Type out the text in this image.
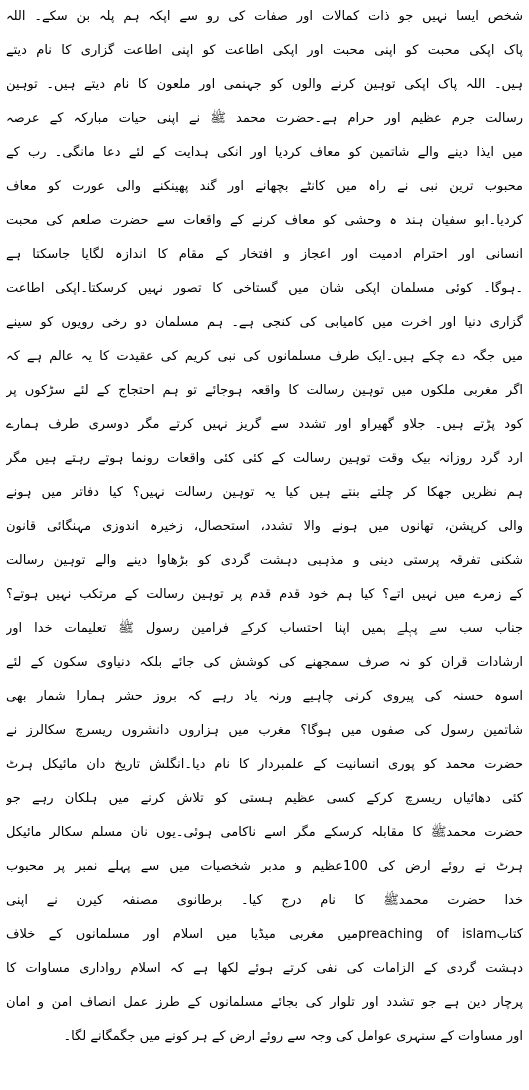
شخص ایسا نہیں جو ذات کمالات اور صفات کی رو سے اپکہ ہم پلہ بن سکے۔ اللہ
پاک اپکی محبت کو اپنی محبت اور اپکی اطاعت کو اپنی اطاعت گزاری کا نام دیتے
ہیں۔ اللہ پاک اپکی توہین کرنے والوں کو جہنمی اور ملعون کا نام دیتے ہیں۔ توہین
رسالت جرم عظیم اور حرام ہے۔حضرت محمد ﷺ نے اپنی حیات مبارکہ کے عرصہ
میں ایذا دینے والے شاتمین کو معاف کردیا اور انکی ہدایت کے لئے دعا مانگی۔ رب کے
محبوب ترین نبی نے راہ میں کانٹے بچھانے اور گند پھینکنے والی عورت کو معاف
کردیا۔ابو سفیان ہند ہ وحشی کو معاف کرنے کے واقعات سے حضرت صلعم کی محبت
انسانی اور احترام ادمیت اور اعجاز و افتخار کے مقام کا اندازہ لگایا جاسکتا ہے
۔ہوگا۔ کوئی مسلمان اپکی شان میں گستاخی کا تصور نہیں کرسکتا۔اپکی اطاعت
گزاری دنیا اور اخرت میں کامیابی کی کنجی ہے۔ ہم مسلمان دو رخی رویوں کو سینے
میں جگہ دے چکے ہیں۔ایک طرف مسلمانوں کی نبی کریم کی عقیدت کا یہ عالم ہے کہ
اگر مغربی ملکوں میں توہین رسالت کا واقعہ ہوجائے تو ہم احتجاج کے لئے سڑکوں پر
کود پڑتے ہیں۔ جلاو گھیراو اور تشدد سے گریز نہیں کرتے مگر دوسری طرف ہمارے
ارد گرد روزانہ بیک وقت توہین رسالت کے کئی کئی واقعات رونما ہوتے رہتے ہیں مگر
ہم نظریں جھکا کر چلتے بنتے ہیں کیا یہ توہین رسالت نہیں؟ کیا دفاتر میں ہونے
والی کرپشن، تھانوں میں ہونے والا تشدد، استحصال، زخیرہ اندوزی مہنگائی قانون
شکنی تفرقہ پرستی دینی و مذہبی دہشت گردی کو بڑھاوا دینے والے توہین رسالت
کے زمرے میں نہیں اتے؟ کیا ہم خود قدم قدم پر توہین رسالت کے مرتکب نہیں ہوتے؟
جناب سب سے پہلے ہمیں اپنا احتساب کرکے فرامین رسول ﷺ تعلیمات خدا اور
ارشادات قران کو نہ صرف سمجھنے کی کوشش کی جائے بلکہ دنیاوی سکون کے لئے
اسوہ حسنہ کی پیروی کرنی چاہیے ورنہ یاد رہے کہ بروز حشر ہمارا شمار بھی
شاتمین رسول کی صفوں میں ہوگا؟ مغرب میں ہزاروں دانشروں ریسرچ سکالرز نے
حضرت محمد کو پوری انسانیت کے علمبردار کا نام دیا۔انگلش تاریخ دان مائیکل ہرٹ
کئی دھائیاں ریسرچ کرکے کسی عظیم ہستی کو تلاش کرنے میں ہلکان رہے جو
حضرت محمدﷺ کا مقابلہ کرسکے مگر اسے ناکامی ہوئی۔یوں نان مسلم سکالر مائیکل
ہرٹ نے روئے ارض کی 100عظیم و مدبر شخصیات میں سے پہلے نمبر پر محبوب
خدا حضرت محمدﷺ کا نام درج کیا۔ برطانوی مصنفہ کیرن نے اپنی
کتابpreaching of islamمیں مغربی میڈیا میں اسلام اور مسلمانوں کے خلاف
دہشت گردی کے الزامات کی نفی کرتے ہوئے لکھا ہے کہ اسلام رواداری مساوات کا
پرچار دین ہے جو تشدد اور تلوار کی بجائے مسلمانوں کے طرز عمل انصاف امن و امان
اور مساوات کے سنہری عوامل کی وجہ سے روئے ارض کے ہر کونے میں جگمگانے لگا۔
